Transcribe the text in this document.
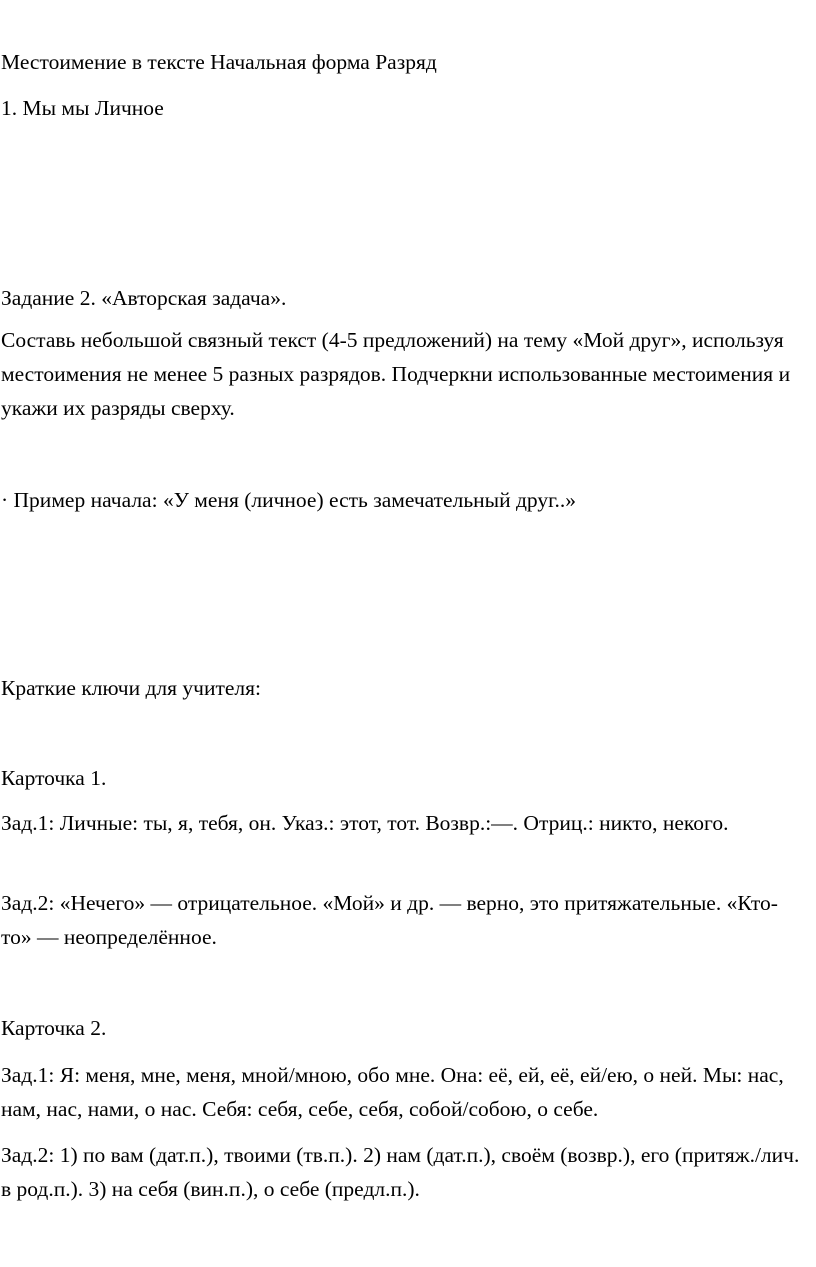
Местоимение в тексте Начальная форма Разряд
1. Мы мы Личное
Задание 2. «Авторская задача».
Составь небольшой связный текст (4-5 предложений) на тему «Мой друг», используя местоимения не менее 5 разных разрядов. Подчеркни использованные местоимения и укажи их разряды сверху.
· Пример начала: «У меня (личное) есть замечательный друг..»
Краткие ключи для учителя:
Карточка 1.
Зад.1: Личные: ты, я, тебя, он. Указ.: этот, тот. Возвр.:—. Отриц.: никто, некого.
Зад.2: «Нечего» — отрицательное. «Мой» и др. — верно, это притяжательные. «Кто-то» — неопределённое.
Карточка 2.
Зад.1: Я: меня, мне, меня, мной/мною, обо мне. Она: её, ей, её, ей/ею, о ней. Мы: нас, нам, нас, нами, о нас. Себя: себя, себе, себя, собой/собою, о себе.
Зад.2: 1) по вам (дат.п.), твоими (тв.п.). 2) нам (дат.п.), своём (возвр.), его (притяж./лич. в род.п.). 3) на себя (вин.п.), о себе (предл.п.).
